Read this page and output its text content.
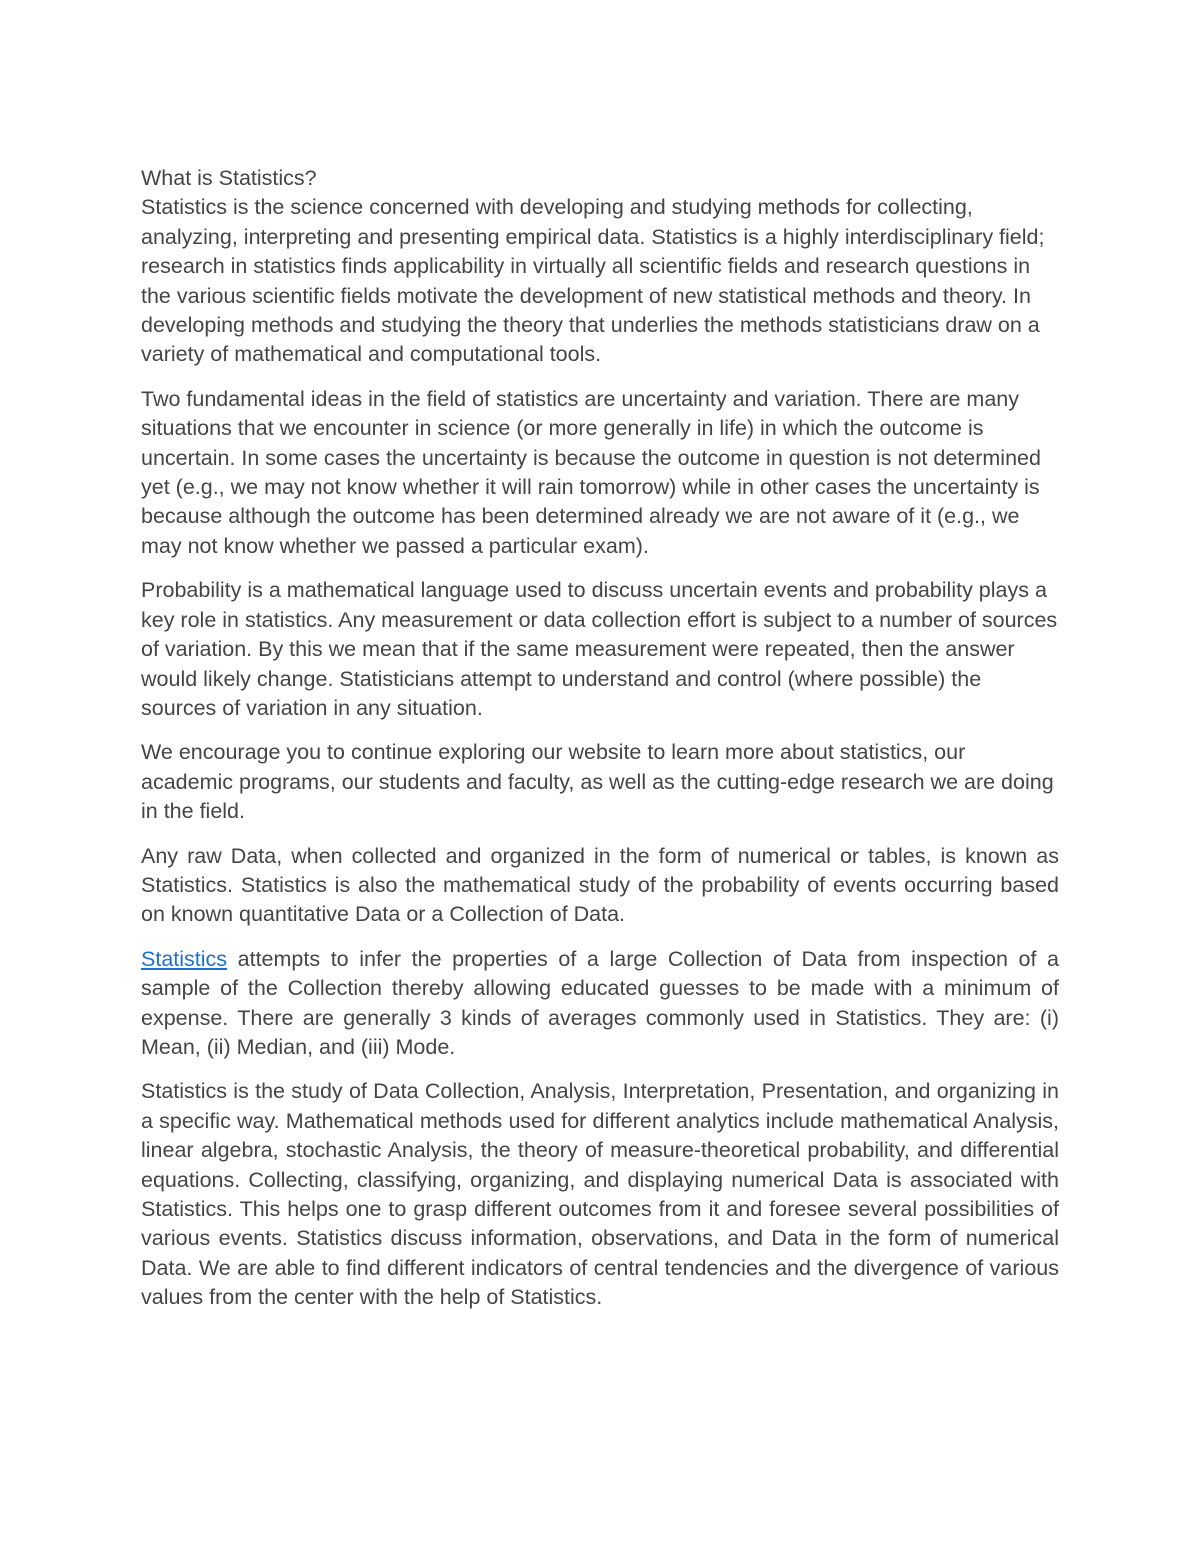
What is Statistics?

Statistics is the science concerned with developing and studying methods for collecting, analyzing, interpreting and presenting empirical data. Statistics is a highly interdisciplinary field; research in statistics finds applicability in virtually all scientific fields and research questions in the various scientific fields motivate the development of new statistical methods and theory. In developing methods and studying the theory that underlies the methods statisticians draw on a variety of mathematical and computational tools.

Two fundamental ideas in the field of statistics are uncertainty and variation. There are many situations that we encounter in science (or more generally in life) in which the outcome is uncertain. In some cases the uncertainty is because the outcome in question is not determined yet (e.g., we may not know whether it will rain tomorrow) while in other cases the uncertainty is because although the outcome has been determined already we are not aware of it (e.g., we may not know whether we passed a particular exam).

Probability is a mathematical language used to discuss uncertain events and probability plays a key role in statistics. Any measurement or data collection effort is subject to a number of sources of variation. By this we mean that if the same measurement were repeated, then the answer would likely change. Statisticians attempt to understand and control (where possible) the sources of variation in any situation.

We encourage you to continue exploring our website to learn more about statistics, our academic programs, our students and faculty, as well as the cutting-edge research we are doing in the field.

Any raw Data, when collected and organized in the form of numerical or tables, is known as Statistics. Statistics is also the mathematical study of the probability of events occurring based on known quantitative Data or a Collection of Data.

Statistics attempts to infer the properties of a large Collection of Data from inspection of a sample of the Collection thereby allowing educated guesses to be made with a minimum of expense. There are generally 3 kinds of averages commonly used in Statistics. They are: (i) Mean, (ii) Median, and (iii) Mode.

Statistics is the study of Data Collection, Analysis, Interpretation, Presentation, and organizing in a specific way. Mathematical methods used for different analytics include mathematical Analysis, linear algebra, stochastic Analysis, the theory of measure-theoretical probability, and differential equations. Collecting, classifying, organizing, and displaying numerical Data is associated with Statistics. This helps one to grasp different outcomes from it and foresee several possibilities of various events. Statistics discuss information, observations, and Data in the form of numerical Data. We are able to find different indicators of central tendencies and the divergence of various values from the center with the help of Statistics.
